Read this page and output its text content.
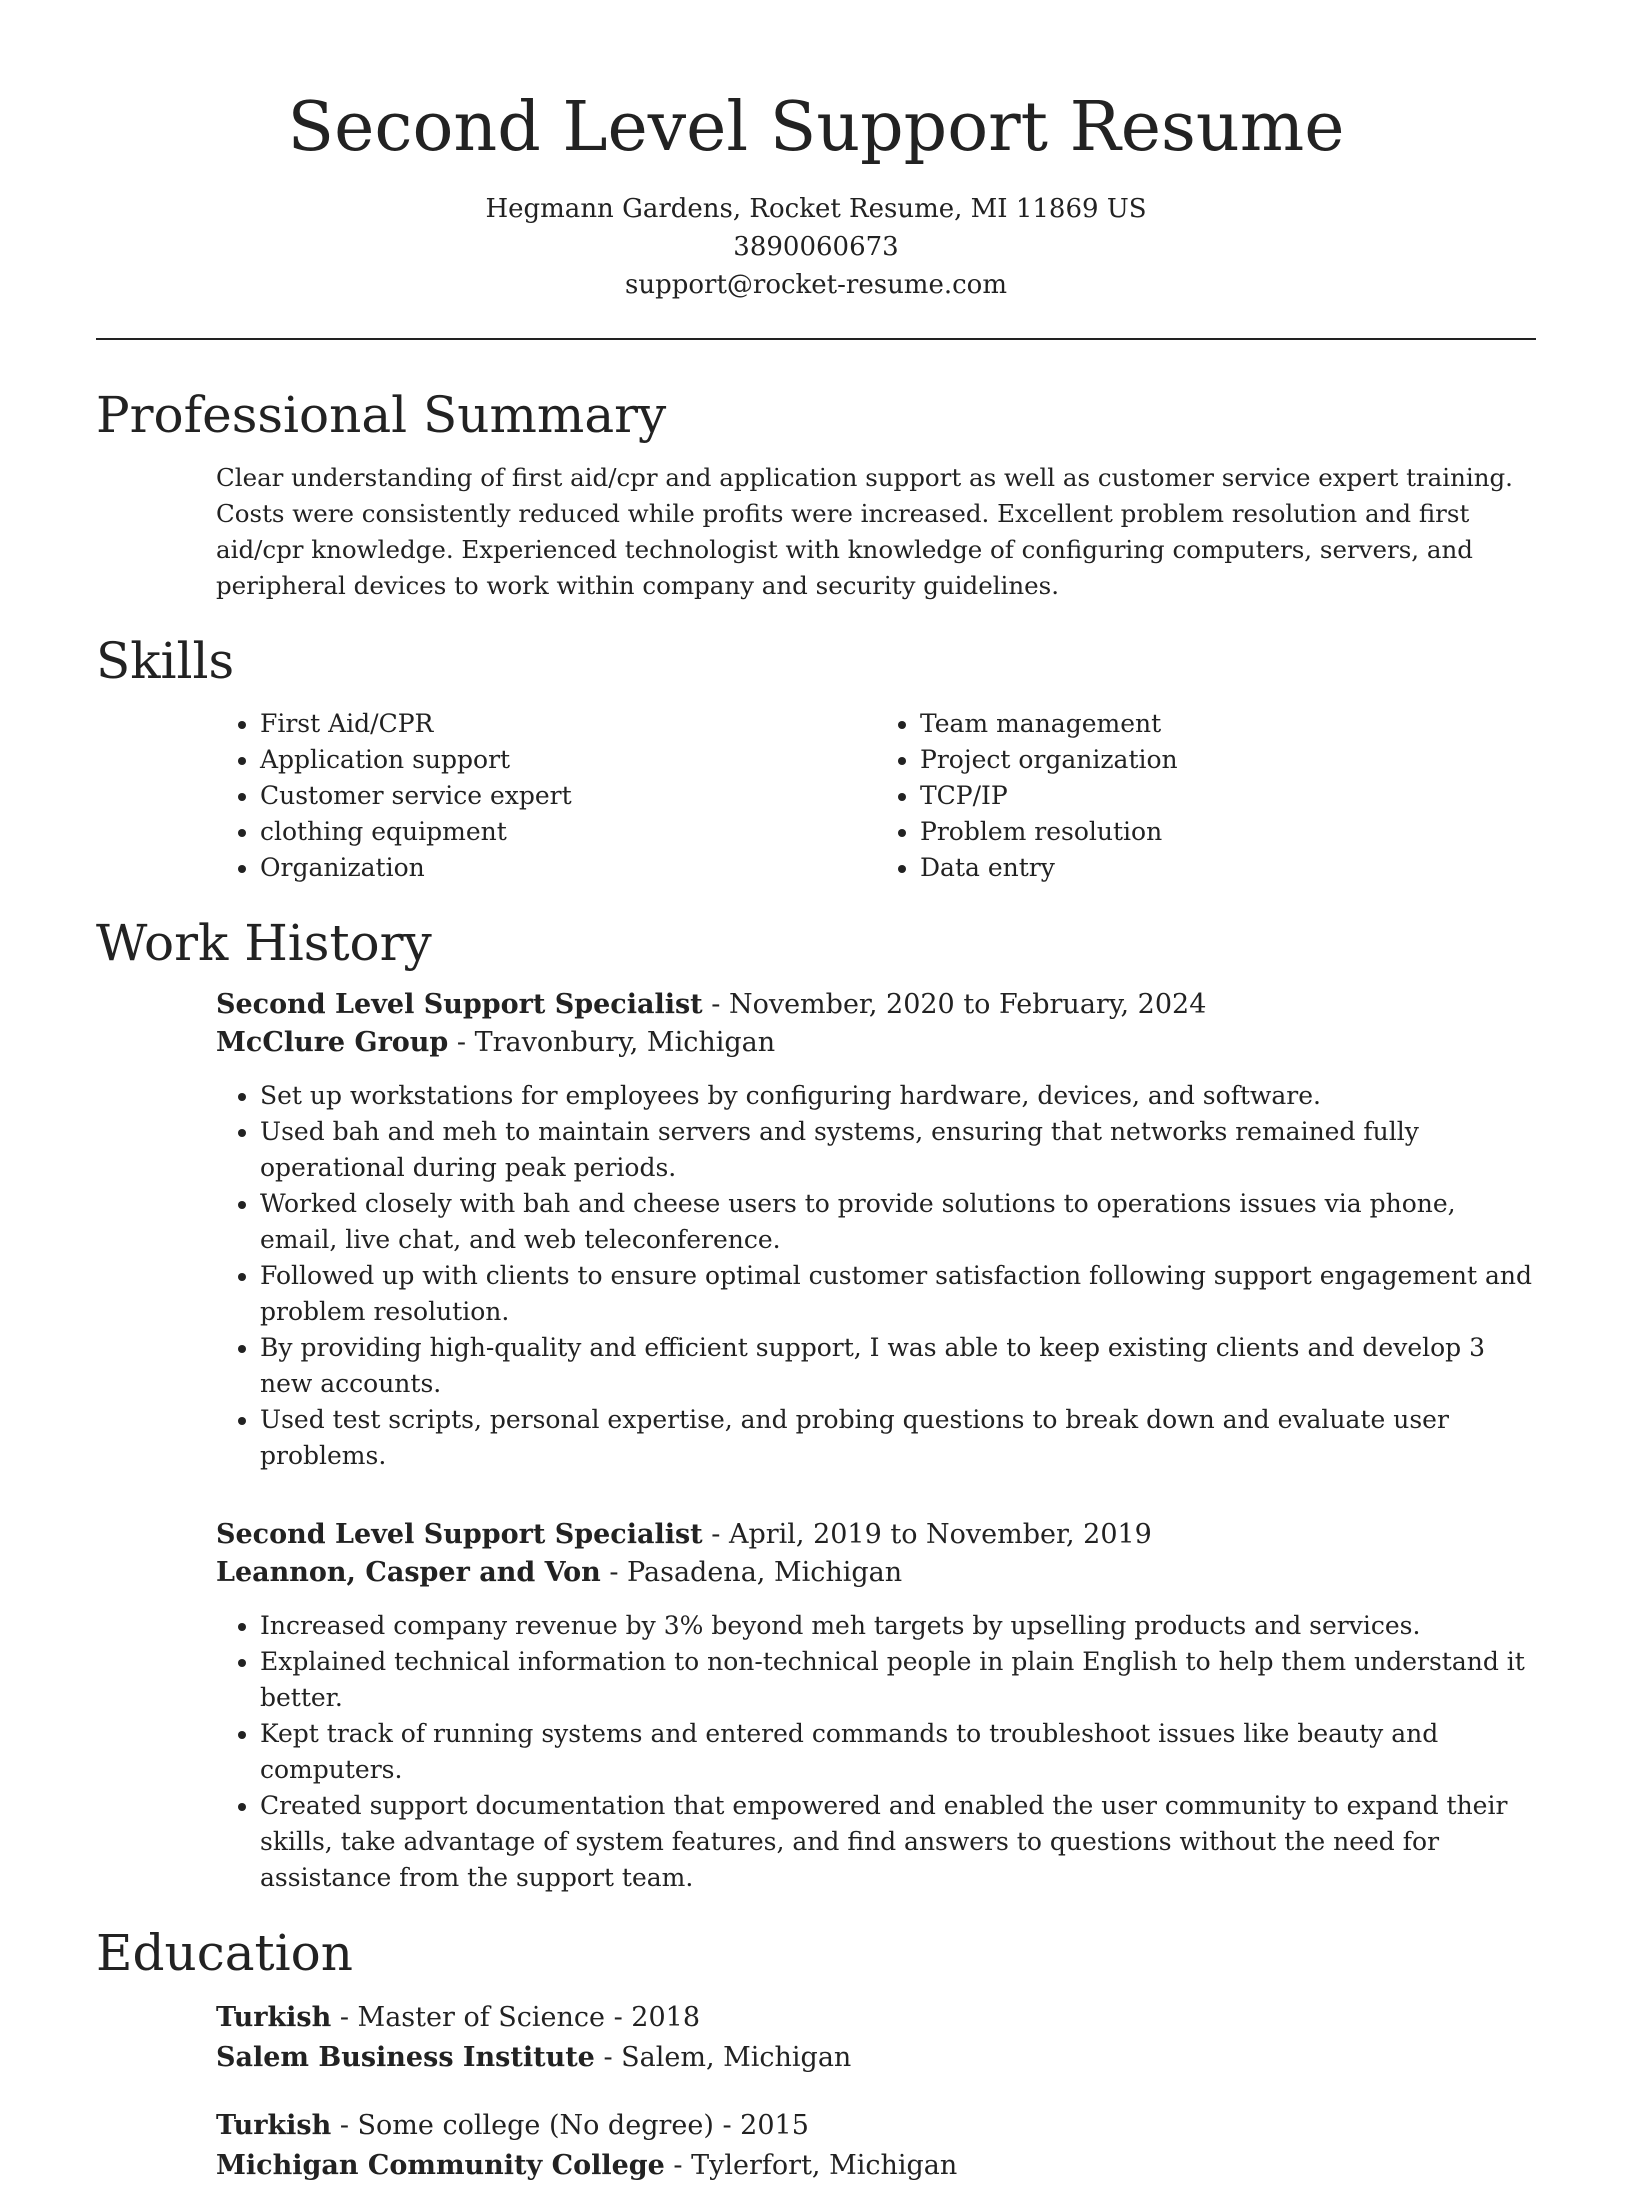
Second Level Support Resume
Hegmann Gardens, Rocket Resume, MI 11869 US
3890060673
support@rocket-resume.com
Professional Summary

Clear understanding of first aid/cpr and application support as well as customer service expert training. Costs were consistently reduced while profits were increased. Excellent problem resolution and first aid/cpr knowledge. Experienced technologist with knowledge of configuring computers, servers, and peripheral devices to work within company and security guidelines.

Skills
• First Aid/CPR
• Application support
• Customer service expert
• clothing equipment
• Organization
• Team management
• Project organization
• TCP/IP
• Problem resolution
• Data entry
Work History
Second Level Support Specialist - November, 2020 to February, 2024
McClure Group - Travonbury, Michigan
• Set up workstations for employees by configuring hardware, devices, and software.
• Used bah and meh to maintain servers and systems, ensuring that networks remained fully operational during peak periods.
• Worked closely with bah and cheese users to provide solutions to operations issues via phone, email, live chat, and web teleconference.
• Followed up with clients to ensure optimal customer satisfaction following support engagement and problem resolution.
• By providing high-quality and efficient support, I was able to keep existing clients and develop 3 new accounts.
• Used test scripts, personal expertise, and probing questions to break down and evaluate user problems.
Second Level Support Specialist - April, 2019 to November, 2019
Leannon, Casper and Von - Pasadena, Michigan
• Increased company revenue by 3% beyond meh targets by upselling products and services.
• Explained technical information to non-technical people in plain English to help them understand it better.
• Kept track of running systems and entered commands to troubleshoot issues like beauty and computers.
• Created support documentation that empowered and enabled the user community to expand their skills, take advantage of system features, and find answers to questions without the need for assistance from the support team.
Education
Turkish - Master of Science - 2018
Salem Business Institute - Salem, Michigan
Turkish - Some college (No degree) - 2015
Michigan Community College - Tylerfort, Michigan
